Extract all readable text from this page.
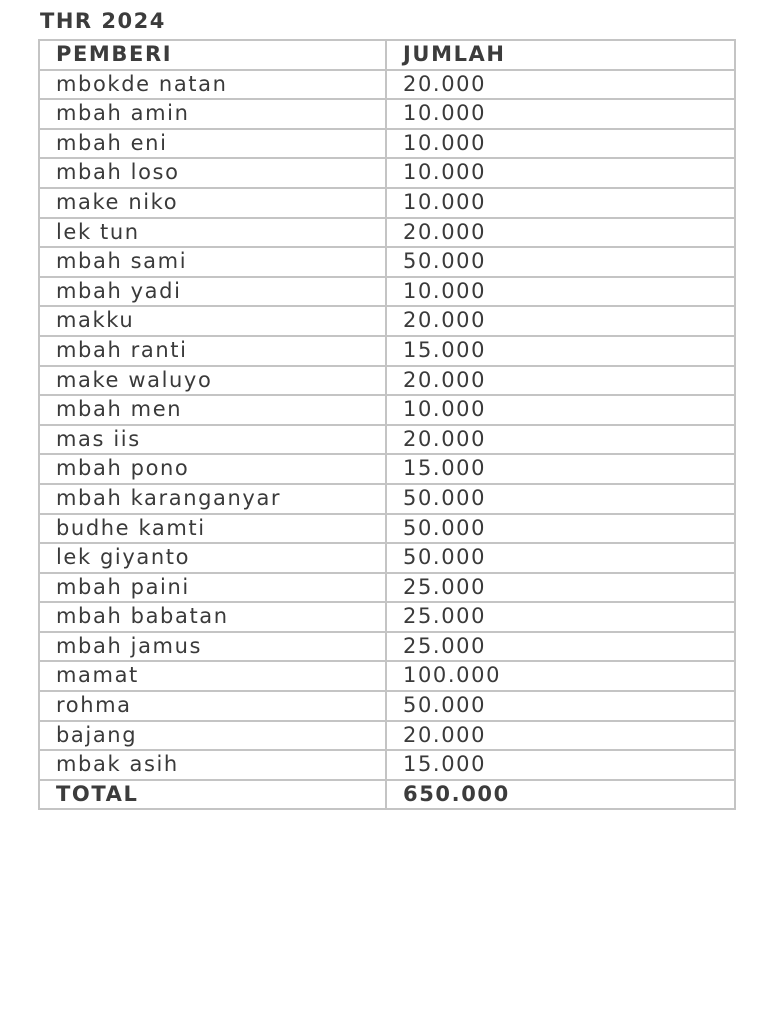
THR 2024
PEMBERI	JUMLAH
mbokde natan	20.000
mbah amin	10.000
mbah eni	10.000
mbah loso	10.000
make niko	10.000
lek tun	20.000
mbah sami	50.000
mbah yadi	10.000
makku	20.000
mbah ranti	15.000
make waluyo	20.000
mbah men	10.000
mas iis	20.000
mbah pono	15.000
mbah karanganyar	50.000
budhe kamti	50.000
lek giyanto	50.000
mbah paini	25.000
mbah babatan	25.000
mbah jamus	25.000
mamat	100.000
rohma	50.000
bajang	20.000
mbak asih	15.000
TOTAL	650.000
